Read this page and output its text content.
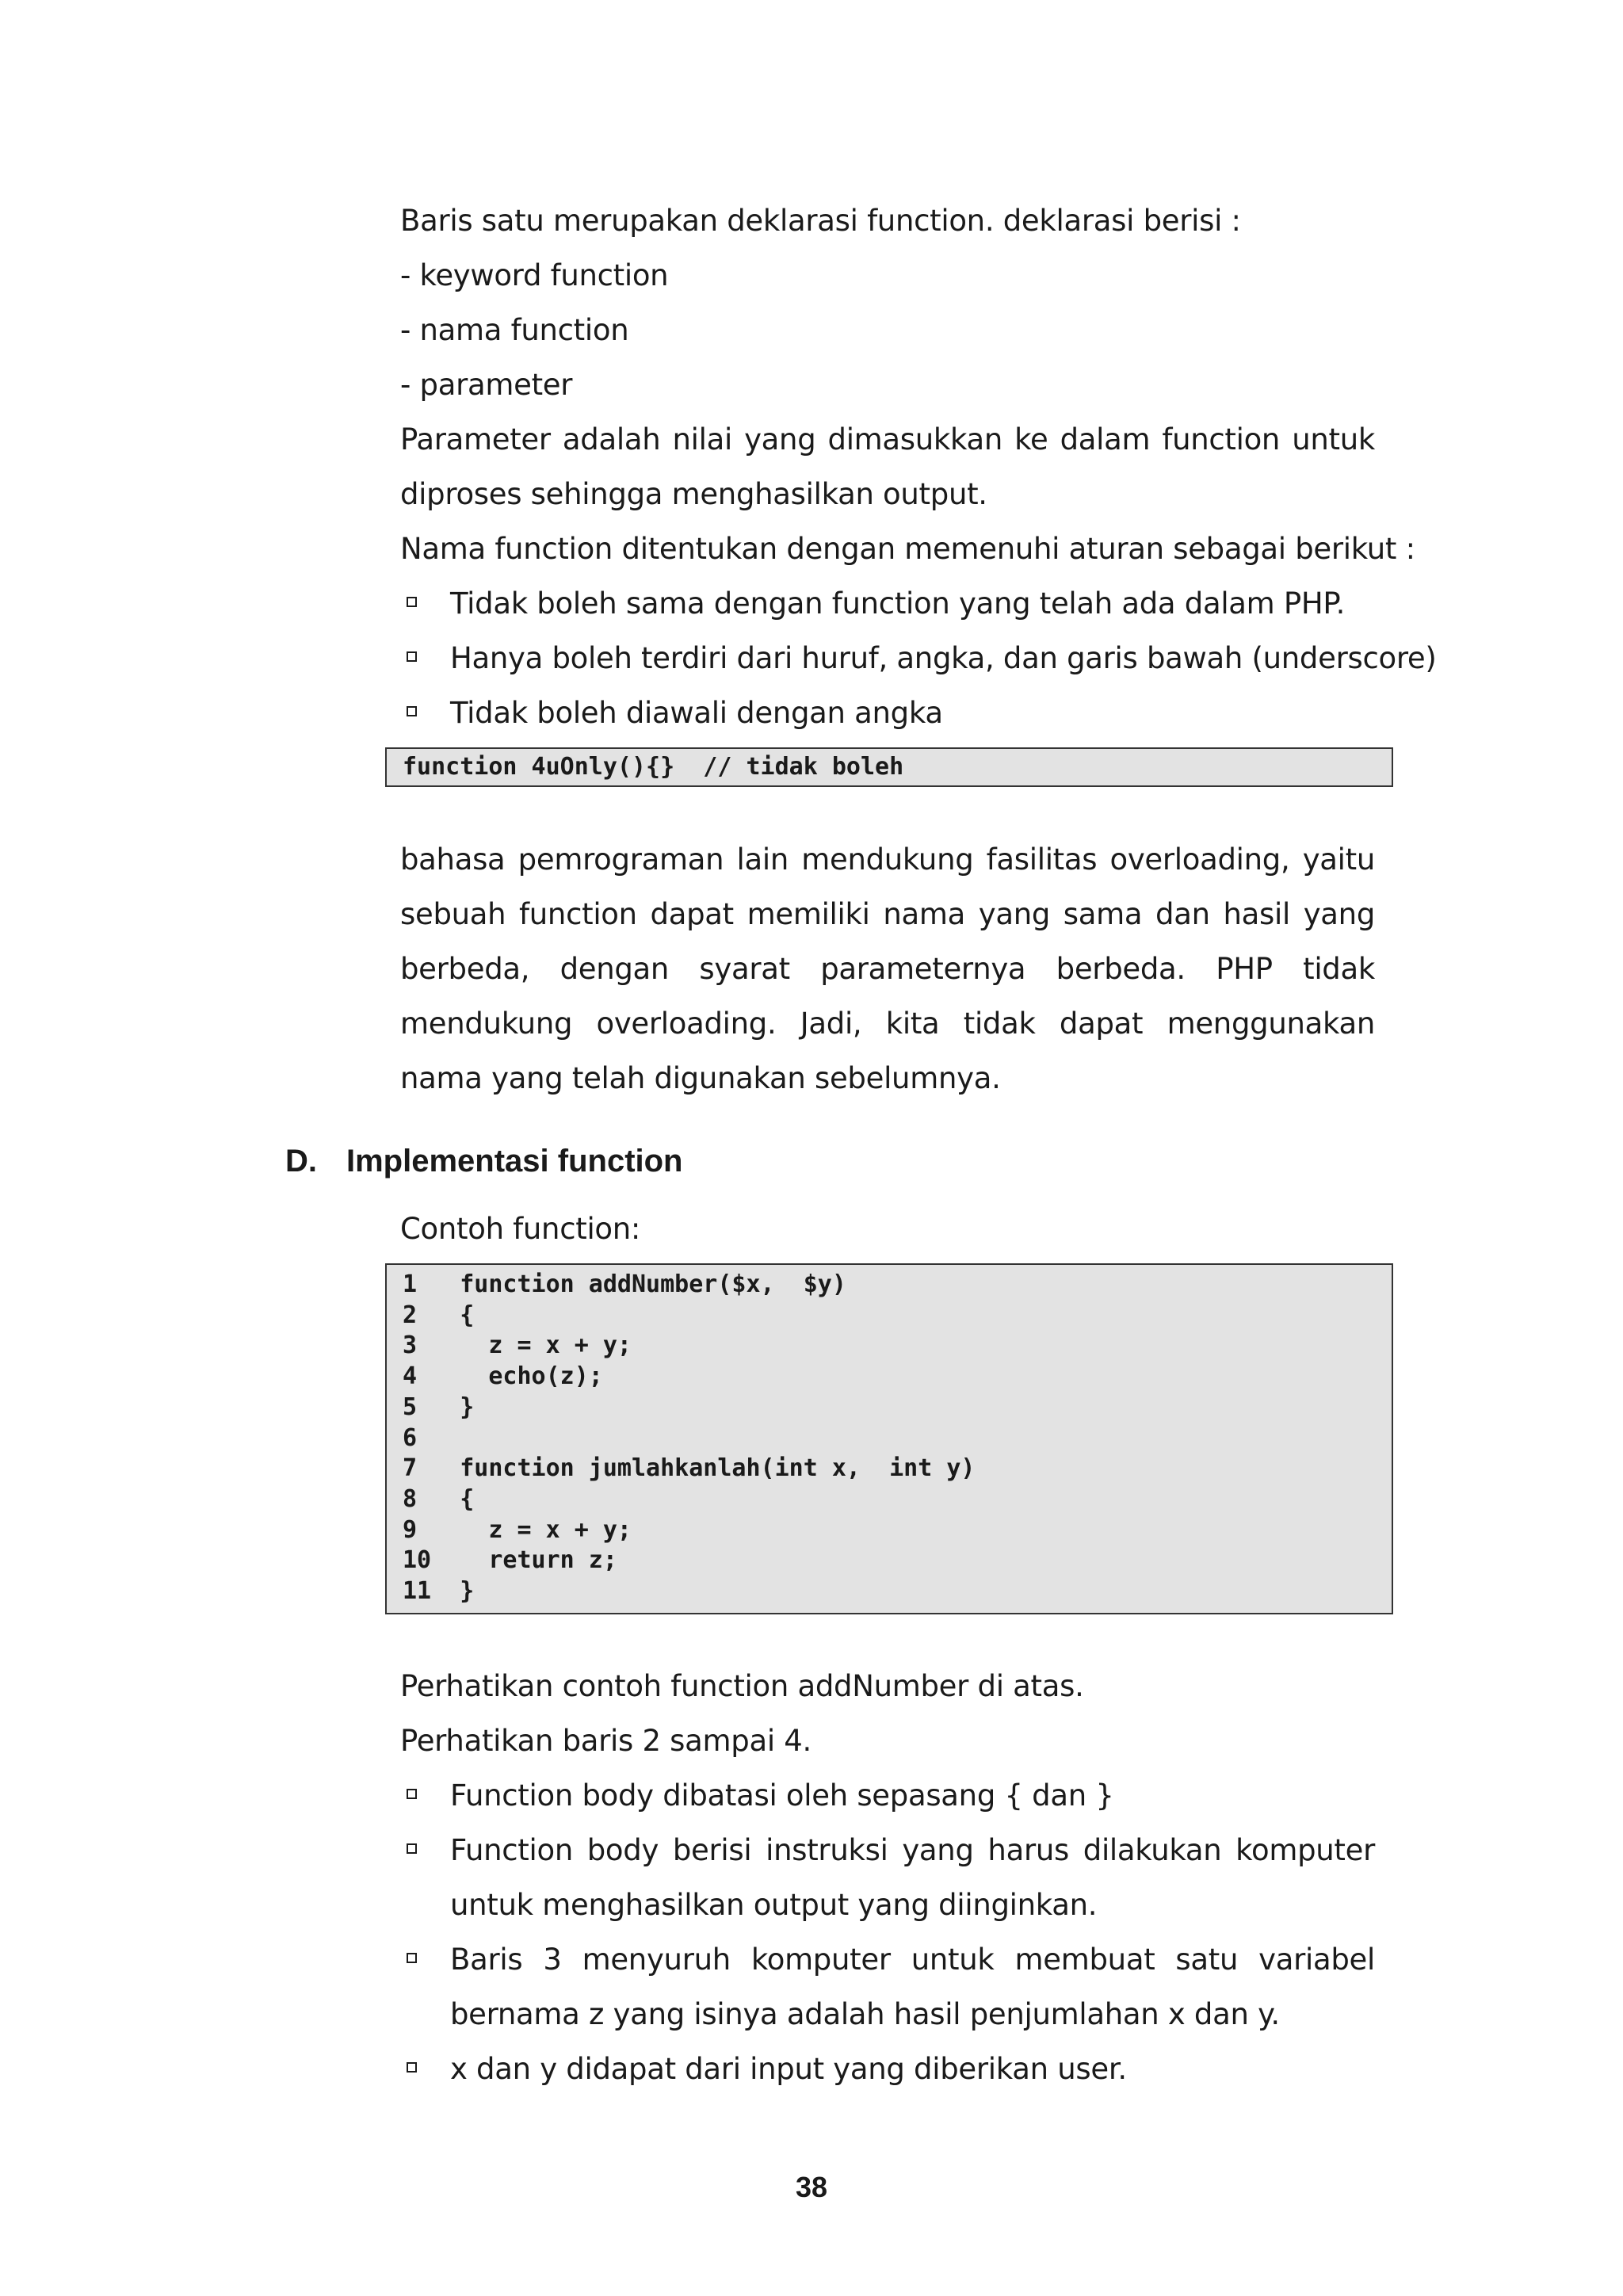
Baris satu merupakan deklarasi function. deklarasi berisi :

- keyword function

- nama function

- parameter

Parameter adalah nilai yang dimasukkan ke dalam function untuk diproses sehingga menghasilkan output.

Nama function ditentukan dengan memenuhi aturan sebagai berikut :

Tidak boleh sama dengan function yang telah ada dalam PHP.

Hanya boleh terdiri dari huruf, angka, dan garis bawah (underscore)

Tidak boleh diawali dengan angka

function 4uOnly(){}  // tidak boleh

bahasa pemrograman lain mendukung fasilitas overloading, yaitu sebuah function dapat memiliki nama yang sama dan hasil yang berbeda, dengan syarat parameternya berbeda. PHP tidak mendukung overloading. Jadi, kita tidak dapat menggunakan nama yang telah digunakan sebelumnya.

D. Implementasi function

Contoh function:

1   function addNumber($x,  $y)
2   {
3     z = x + y;
4     echo(z);
5   }
6
7   function jumlahkanlah(int x,  int y)
8   {
9     z = x + y;
10    return z;
11  }

Perhatikan contoh function addNumber di atas.

Perhatikan baris 2 sampai 4.

Function body dibatasi oleh sepasang { dan }

Function body berisi instruksi yang harus dilakukan komputer untuk menghasilkan output yang diinginkan.

Baris 3 menyuruh komputer untuk membuat satu variabel bernama z yang isinya adalah hasil penjumlahan x dan y.

x dan y didapat dari input yang diberikan user.

38
